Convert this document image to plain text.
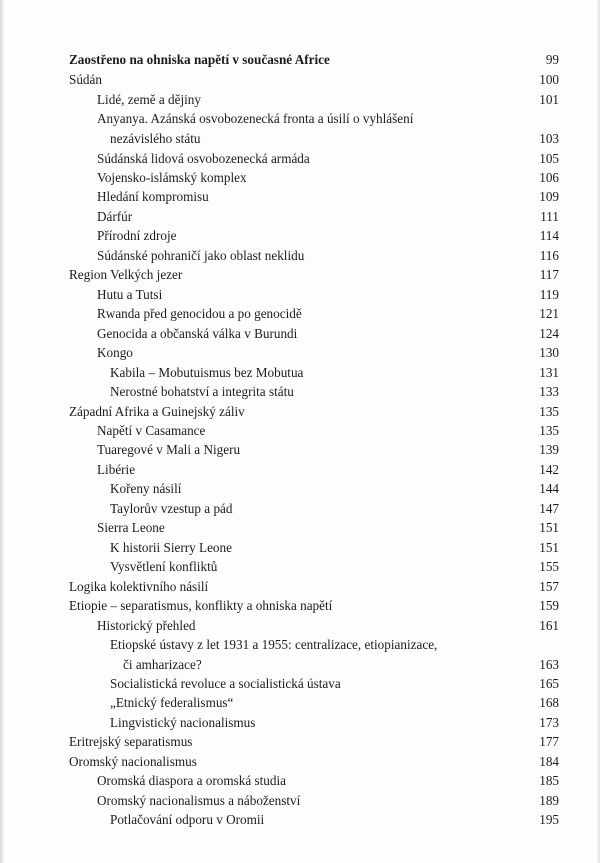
Zaostřeno na ohniska napětí v současné Africe	99
Súdán	100
Lidé, země a dějiny	101
Anyanya. Azánská osvobozenecká fronta a úsilí o vyhlášení
nezávislého státu	103
Súdánská lidová osvobozenecká armáda	105
Vojensko-islámský komplex	106
Hledání kompromisu	109
Dárfúr	111
Přírodní zdroje	114
Súdánské pohraničí jako oblast neklidu	116
Region Velkých jezer	117
Hutu a Tutsi	119
Rwanda před genocidou a po genocidě	121
Genocida a občanská válka v Burundi	124
Kongo	130
Kabila – Mobutuismus bez Mobutua	131
Nerostné bohatství a integrita státu	133
Západní Afrika a Guinejský záliv	135
Napětí v Casamance	135
Tuaregové v Mali a Nigeru	139
Libérie	142
Kořeny násilí	144
Taylorův vzestup a pád	147
Sierra Leone	151
K historii Sierry Leone	151
Vysvětlení konfliktů	155
Logika kolektivního násilí	157
Etiopie – separatismus, konflikty a ohniska napětí	159
Historický přehled	161
Etiopské ústavy z let 1931 a 1955: centralizace, etiopianizace,
či amharizace?	163
Socialistická revoluce a socialistická ústava	165
„Etnický federalismus“	168
Lingvistický nacionalismus	173
Eritrejský separatismus	177
Oromský nacionalismus	184
Oromská diaspora a oromská studia	185
Oromský nacionalismus a náboženství	189
Potlačování odporu v Oromii	195
